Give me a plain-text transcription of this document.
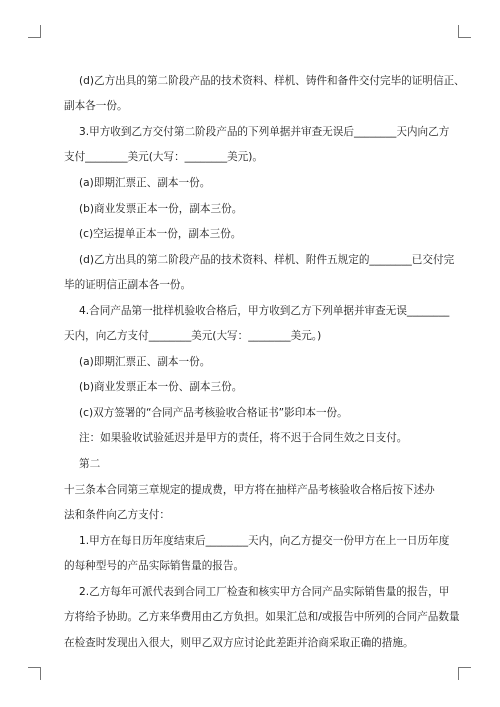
(d)乙方出具的第二阶段产品的技术资料、样机、铸件和备件交付完毕的证明信正、
副本各一份。
3.甲方收到乙方交付第二阶段产品的下列单据并审查无误后________天内向乙方
支付________美元(大写：________美元)。
(a)即期汇票正、副本一份。
(b)商业发票正本一份，副本三份。
(c)空运提单正本一份，副本三份。
(d)乙方出具的第二阶段产品的技术资料、样机、附件五规定的________已交付完
毕的证明信正副本各一份。
4.合同产品第一批样机验收合格后，甲方收到乙方下列单据并审查无误________
天内，向乙方支付________美元(大写：________美元。)
(a)即期汇票正、副本一份。
(b)商业发票正本一份、副本三份。
(c)双方签署的“合同产品考核验收合格证书”影印本一份。
注：如果验收试验延迟并是甲方的责任，将不迟于合同生效之日支付。
第二
十三条本合同第三章规定的提成费，甲方将在抽样产品考核验收合格后按下述办
法和条件向乙方支付：
1.甲方在每日历年度结束后________天内，向乙方提交一份甲方在上一日历年度
的每种型号的产品实际销售量的报告。
2.乙方每年可派代表到合同工厂检查和核实甲方合同产品实际销售量的报告，甲
方将给予协助。乙方来华费用由乙方负担。如果汇总和/或报告中所列的合同产品数量
在检查时发现出入很大，则甲乙双方应讨论此差距并洽商采取正确的措施。
